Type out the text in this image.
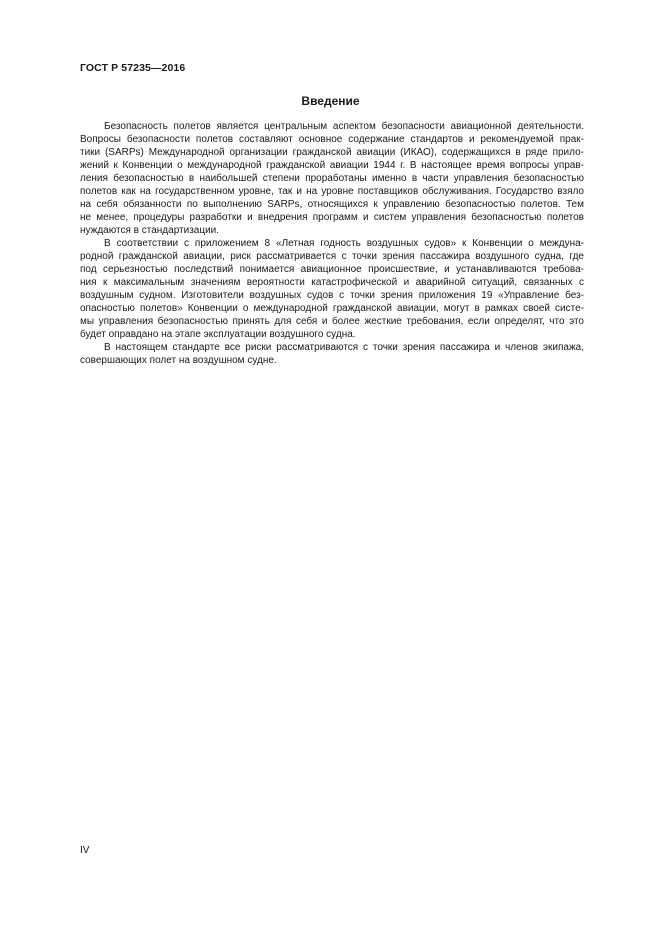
ГОСТ Р 57235—2016
Введение

Безопасность полетов является центральным аспектом безопасности авиационной деятельности.
Вопросы безопасности полетов составляют основное содержание стандартов и рекомендуемой прак-
тики (SARPs) Международной организации гражданской авиации (ИКАО), содержащихся в ряде прило-
жений к Конвенции о международной гражданской авиации 1944 г. В настоящее время вопросы управ-
ления безопасностью в наибольшей степени проработаны именно в части управления безопасностью
полетов как на государственном уровне, так и на уровне поставщиков обслуживания. Государство взяло
на себя обязанности по выполнению SARPs, относящихся к управлению безопасностью полетов. Тем
не менее, процедуры разработки и внедрения программ и систем управления безопасностью полетов
нуждаются в стандартизации.

В соответствии с приложением 8 «Летная годность воздушных судов» к Конвенции о междуна-
родной гражданской авиации, риск рассматривается с точки зрения пассажира воздушного судна, где
под серьезностью последствий понимается авиационное происшествие, и устанавливаются требова-
ния к максимальным значениям вероятности катастрофической и аварийной ситуаций, связанных с
воздушным судном. Изготовители воздушных судов с точки зрения приложения 19 «Управление без-
опасностью полетов» Конвенции о международной гражданской авиации, могут в рамках своей систе-
мы управления безопасностью принять для себя и более жесткие требования, если определят, что это
будет оправдано на этапе эксплуатации воздушного судна.

В настоящем стандарте все риски рассматриваются с точки зрения пассажира и членов экипажа,
совершающих полет на воздушном судне.

IV
